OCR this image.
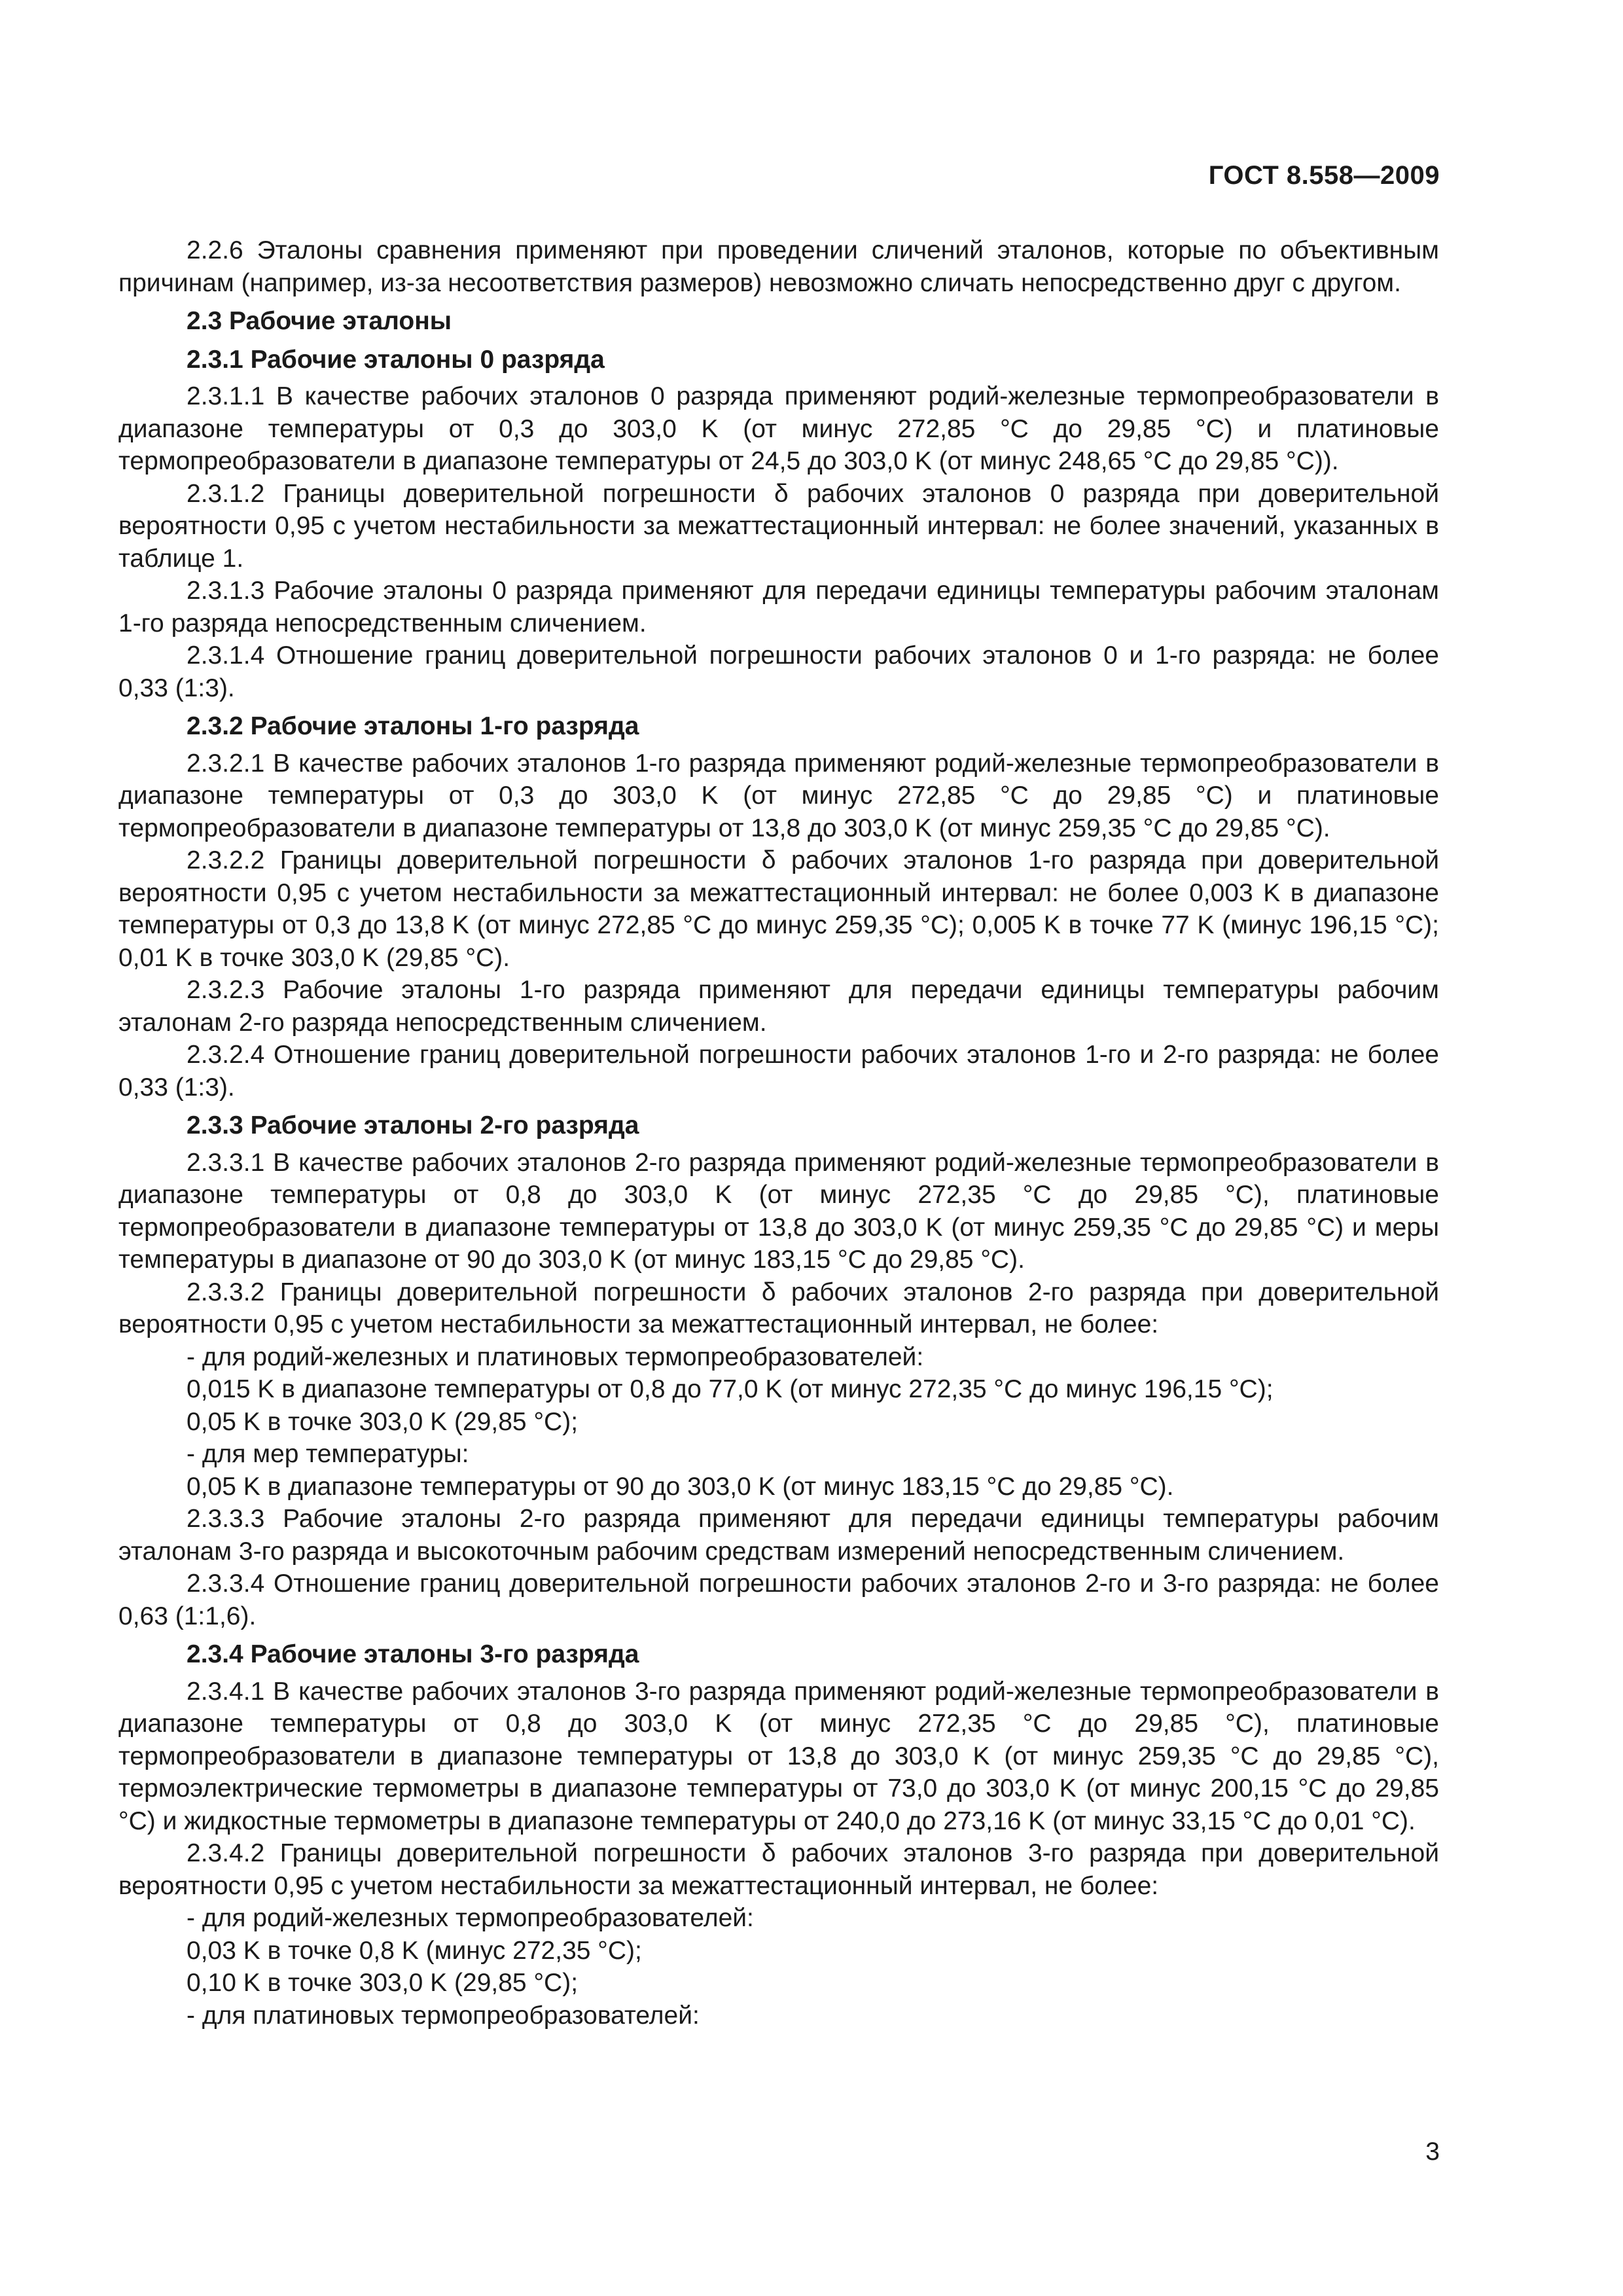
ГОСТ 8.558—2009

2.2.6 Эталоны сравнения применяют при проведении сличений эталонов, которые по объективным причинам (например, из-за несоответствия размеров) невозможно сличать непосредственно друг с другом.

2.3 Рабочие эталоны
2.3.1 Рабочие эталоны 0 разряда

2.3.1.1 В качестве рабочих эталонов 0 разряда применяют родий-железные термопреобразователи в диапазоне температуры от 0,3 до 303,0 K (от минус 272,85 °C до 29,85 °C) и платиновые термопреобразователи в диапазоне температуры от 24,5 до 303,0 K (от минус 248,65 °C до 29,85 °C)).

2.3.1.2 Границы доверительной погрешности δ рабочих эталонов 0 разряда при доверительной вероятности 0,95 с учетом нестабильности за межаттестационный интервал: не более значений, указанных в таблице 1.

2.3.1.3 Рабочие эталоны 0 разряда применяют для передачи единицы температуры рабочим эталонам 1-го разряда непосредственным сличением.

2.3.1.4 Отношение границ доверительной погрешности рабочих эталонов 0 и 1-го разряда: не более 0,33 (1:3).

2.3.2 Рабочие эталоны 1-го разряда

2.3.2.1 В качестве рабочих эталонов 1-го разряда применяют родий-железные термопреобразователи в диапазоне температуры от 0,3 до 303,0 K (от минус 272,85 °C до 29,85 °C) и платиновые термопреобразователи в диапазоне температуры от 13,8 до 303,0 K (от минус 259,35 °C до 29,85 °C).

2.3.2.2 Границы доверительной погрешности δ рабочих эталонов 1-го разряда при доверительной вероятности 0,95 с учетом нестабильности за межаттестационный интервал: не более 0,003 K в диапазоне температуры от 0,3 до 13,8 K (от минус 272,85 °C до минус 259,35 °C); 0,005 K в точке 77 K (минус 196,15 °C); 0,01 K в точке 303,0 K (29,85 °C).

2.3.2.3 Рабочие эталоны 1-го разряда применяют для передачи единицы температуры рабочим эталонам 2-го разряда непосредственным сличением.

2.3.2.4 Отношение границ доверительной погрешности рабочих эталонов 1-го и 2-го разряда: не более 0,33 (1:3).

2.3.3 Рабочие эталоны 2-го разряда

2.3.3.1 В качестве рабочих эталонов 2-го разряда применяют родий-железные термопреобразователи в диапазоне температуры от 0,8 до 303,0 K (от минус 272,35 °C до 29,85 °C), платиновые термопреобразователи в диапазоне температуры от 13,8 до 303,0 K (от минус 259,35 °C до 29,85 °C) и меры температуры в диапазоне от 90 до 303,0 K (от минус 183,15 °C до 29,85 °C).

2.3.3.2 Границы доверительной погрешности δ рабочих эталонов 2-го разряда при доверительной вероятности 0,95 с учетом нестабильности за межаттестационный интервал, не более:

- для родий-железных и платиновых термопреобразователей:

0,015 K в диапазоне температуры от 0,8 до 77,0 K (от минус 272,35 °C до минус 196,15 °C);

0,05 K в точке 303,0 K (29,85 °C);

- для мер температуры:

0,05 K в диапазоне температуры от 90 до 303,0 K (от минус 183,15 °C до 29,85 °C).

2.3.3.3 Рабочие эталоны 2-го разряда применяют для передачи единицы температуры рабочим эталонам 3-го разряда и высокоточным рабочим средствам измерений непосредственным сличением.

2.3.3.4 Отношение границ доверительной погрешности рабочих эталонов 2-го и 3-го разряда: не более 0,63 (1:1,6).

2.3.4 Рабочие эталоны 3-го разряда

2.3.4.1 В качестве рабочих эталонов 3-го разряда применяют родий-железные термопреобразователи в диапазоне температуры от 0,8 до 303,0 K (от минус 272,35 °C до 29,85 °C), платиновые термопреобразователи в диапазоне температуры от 13,8 до 303,0 K (от минус 259,35 °C до 29,85 °C), термоэлектрические термометры в диапазоне температуры от 73,0 до 303,0 K (от минус 200,15 °C до 29,85 °C) и жидкостные термометры в диапазоне температуры от 240,0 до 273,16 K (от минус 33,15 °C до 0,01 °C).

2.3.4.2 Границы доверительной погрешности δ рабочих эталонов 3-го разряда при доверительной вероятности 0,95 с учетом нестабильности за межаттестационный интервал, не более:

- для родий-железных термопреобразователей:

0,03 K в точке 0,8 K (минус 272,35 °C);

0,10 K в точке 303,0 K (29,85 °C);

- для платиновых термопреобразователей:

3
